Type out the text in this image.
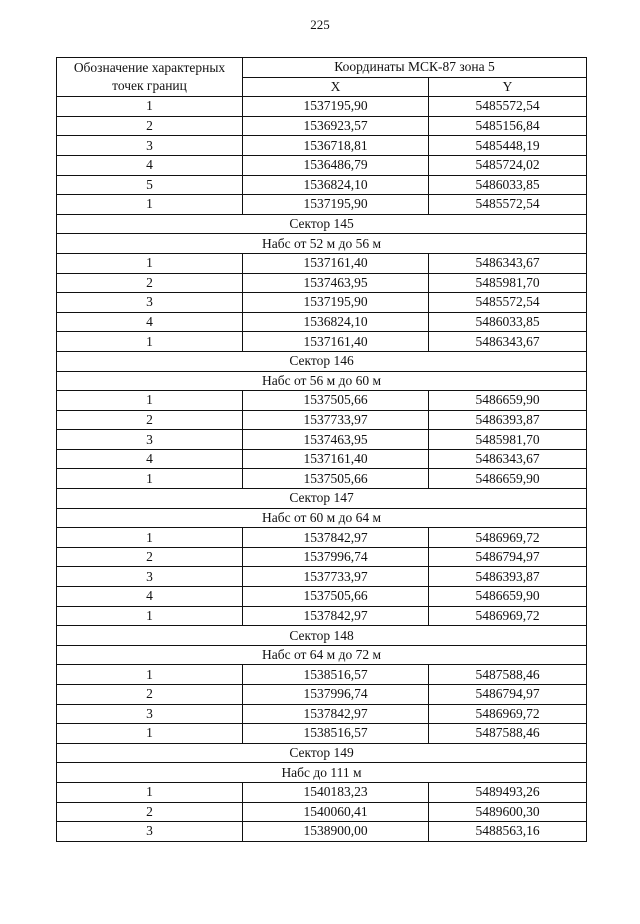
225
Обозначение характерных
точек границ	Координаты МСК-87 зона 5	
	X	Y
1	1537195,90	5485572,54
2	1536923,57	5485156,84
3	1536718,81	5485448,19
4	1536486,79	5485724,02
5	1536824,10	5486033,85
1	1537195,90	5485572,54
Сектор 145		
Набс от 52 м до 56 м		
1	1537161,40	5486343,67
2	1537463,95	5485981,70
3	1537195,90	5485572,54
4	1536824,10	5486033,85
1	1537161,40	5486343,67
Сектор 146		
Набс от 56 м до 60 м		
1	1537505,66	5486659,90
2	1537733,97	5486393,87
3	1537463,95	5485981,70
4	1537161,40	5486343,67
1	1537505,66	5486659,90
Сектор 147		
Набс от 60 м до 64 м		
1	1537842,97	5486969,72
2	1537996,74	5486794,97
3	1537733,97	5486393,87
4	1537505,66	5486659,90
1	1537842,97	5486969,72
Сектор 148		
Набс от 64 м до 72 м		
1	1538516,57	5487588,46
2	1537996,74	5486794,97
3	1537842,97	5486969,72
1	1538516,57	5487588,46
Сектор 149		
Набс до 111 м		
1	1540183,23	5489493,26
2	1540060,41	5489600,30
3	1538900,00	5488563,16
